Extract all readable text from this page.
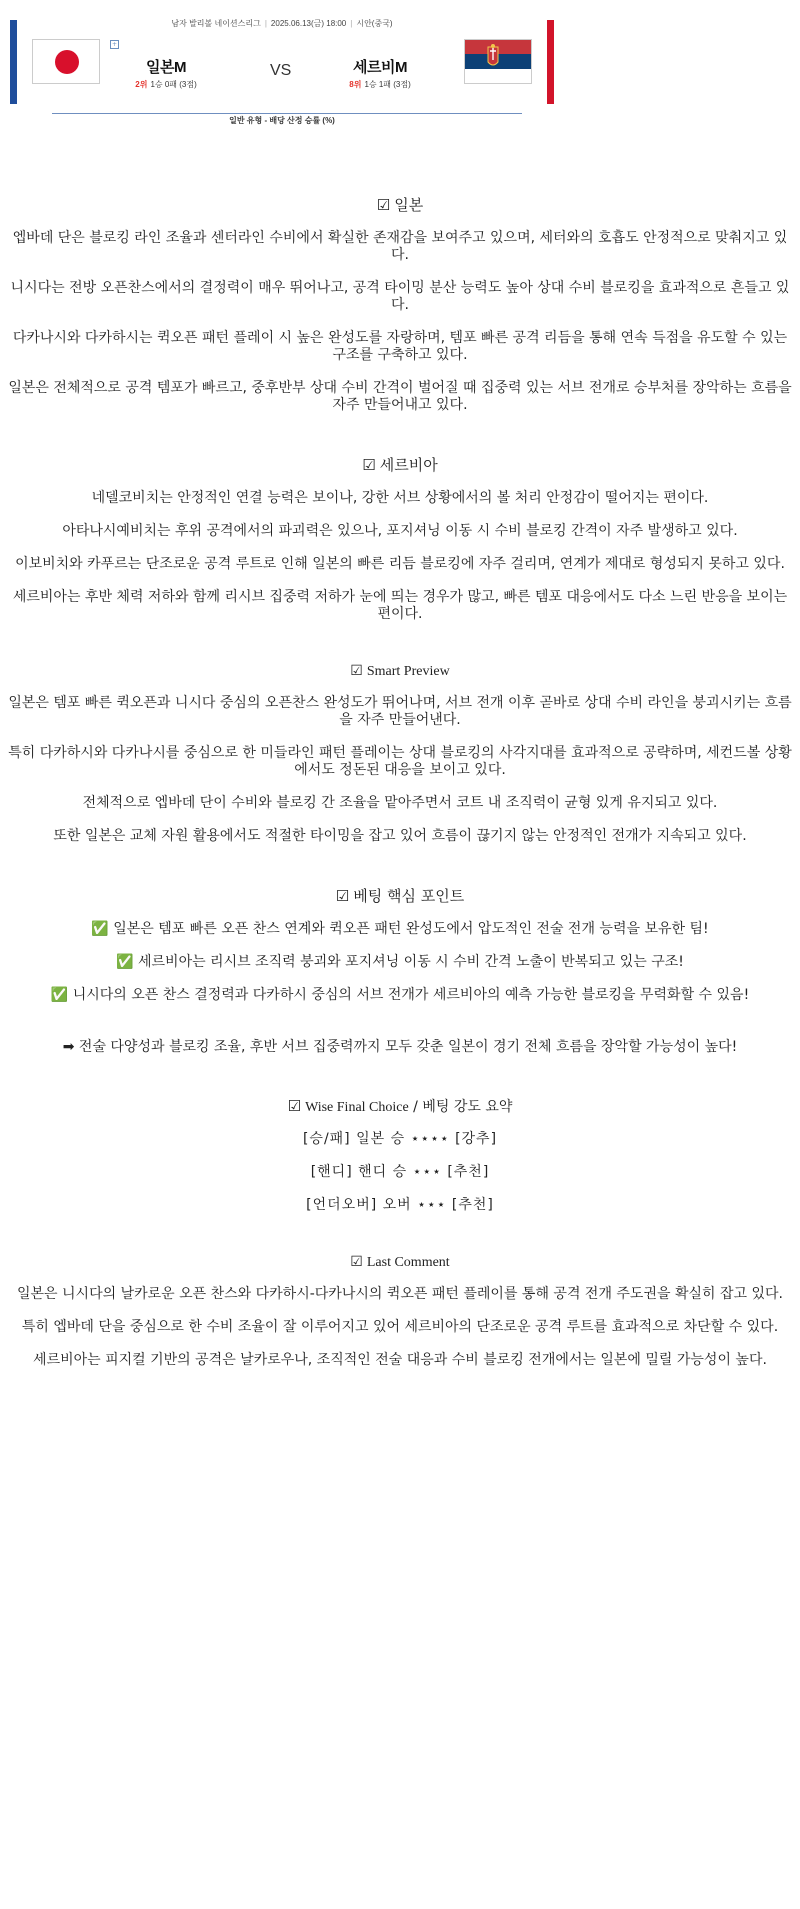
남자 발리볼 네이션스리그 | 2025.06.13(금) 18:00 | 시안(중국)
+
일본M
2위 1승 0패 (3점)
VS	세르비M
8위 1승 1패 (3점)
일반 유형 - 배당 산정 승률 (%)
☑ 일본

엡바데 단은 블로킹 라인 조율과 센터라인 수비에서 확실한 존재감을 보여주고 있으며, 세터와의 호흡도 안정적으로 맞춰지고 있다.

니시다는 전방 오픈찬스에서의 결정력이 매우 뛰어나고, 공격 타이밍 분산 능력도 높아 상대 수비 블로킹을 효과적으로 흔들고 있다.

다카나시와 다카하시는 퀵오픈 패턴 플레이 시 높은 완성도를 자랑하며, 템포 빠른 공격 리듬을 통해 연속 득점을 유도할 수 있는 구조를 구축하고 있다.

일본은 전체적으로 공격 템포가 빠르고, 중후반부 상대 수비 간격이 벌어질 때 집중력 있는 서브 전개로 승부처를 장악하는 흐름을 자주 만들어내고 있다.

☑ 세르비아

네델코비치는 안정적인 연결 능력은 보이나, 강한 서브 상황에서의 볼 처리 안정감이 떨어지는 편이다.

아타나시예비치는 후위 공격에서의 파괴력은 있으나, 포지셔닝 이동 시 수비 블로킹 간격이 자주 발생하고 있다.

이보비치와 카푸르는 단조로운 공격 루트로 인해 일본의 빠른 리듬 블로킹에 자주 걸리며, 연계가 제대로 형성되지 못하고 있다.

세르비아는 후반 체력 저하와 함께 리시브 집중력 저하가 눈에 띄는 경우가 많고, 빠른 템포 대응에서도 다소 느린 반응을 보이는 편이다.

☑ Smart Preview

일본은 템포 빠른 퀵오픈과 니시다 중심의 오픈찬스 완성도가 뛰어나며, 서브 전개 이후 곧바로 상대 수비 라인을 붕괴시키는 흐름을 자주 만들어낸다.

특히 다카하시와 다카나시를 중심으로 한 미들라인 패턴 플레이는 상대 블로킹의 사각지대를 효과적으로 공략하며, 세컨드볼 상황에서도 정돈된 대응을 보이고 있다.

전체적으로 엡바데 단이 수비와 블로킹 간 조율을 맡아주면서 코트 내 조직력이 균형 있게 유지되고 있다.

또한 일본은 교체 자원 활용에서도 적절한 타이밍을 잡고 있어 흐름이 끊기지 않는 안정적인 전개가 지속되고 있다.

☑ 베팅 핵심 포인트

✅ 일본은 템포 빠른 오픈 찬스 연계와 퀵오픈 패턴 완성도에서 압도적인 전술 전개 능력을 보유한 팀!

✅ 세르비아는 리시브 조직력 붕괴와 포지셔닝 이동 시 수비 간격 노출이 반복되고 있는 구조!

✅ 니시다의 오픈 찬스 결정력과 다카하시 중심의 서브 전개가 세르비아의 예측 가능한 블로킹을 무력화할 수 있음!

➡ 전술 다양성과 블로킹 조율, 후반 서브 집중력까지 모두 갖춘 일본이 경기 전체 흐름을 장악할 가능성이 높다!

☑ Wise Final Choice / 베팅 강도 요약

[승/패] 일본 승 ⋆⋆⋆⋆ [강추]

[핸디] 핸디 승 ⋆⋆⋆ [추천]

[언더오버] 오버 ⋆⋆⋆ [추천]

☑ Last Comment

일본은 니시다의 날카로운 오픈 찬스와 다카하시-다카나시의 퀵오픈 패턴 플레이를 통해 공격 전개 주도권을 확실히 잡고 있다.

특히 엡바데 단을 중심으로 한 수비 조율이 잘 이루어지고 있어 세르비아의 단조로운 공격 루트를 효과적으로 차단할 수 있다.

세르비아는 피지컬 기반의 공격은 날카로우나, 조직적인 전술 대응과 수비 블로킹 전개에서는 일본에 밀릴 가능성이 높다.
